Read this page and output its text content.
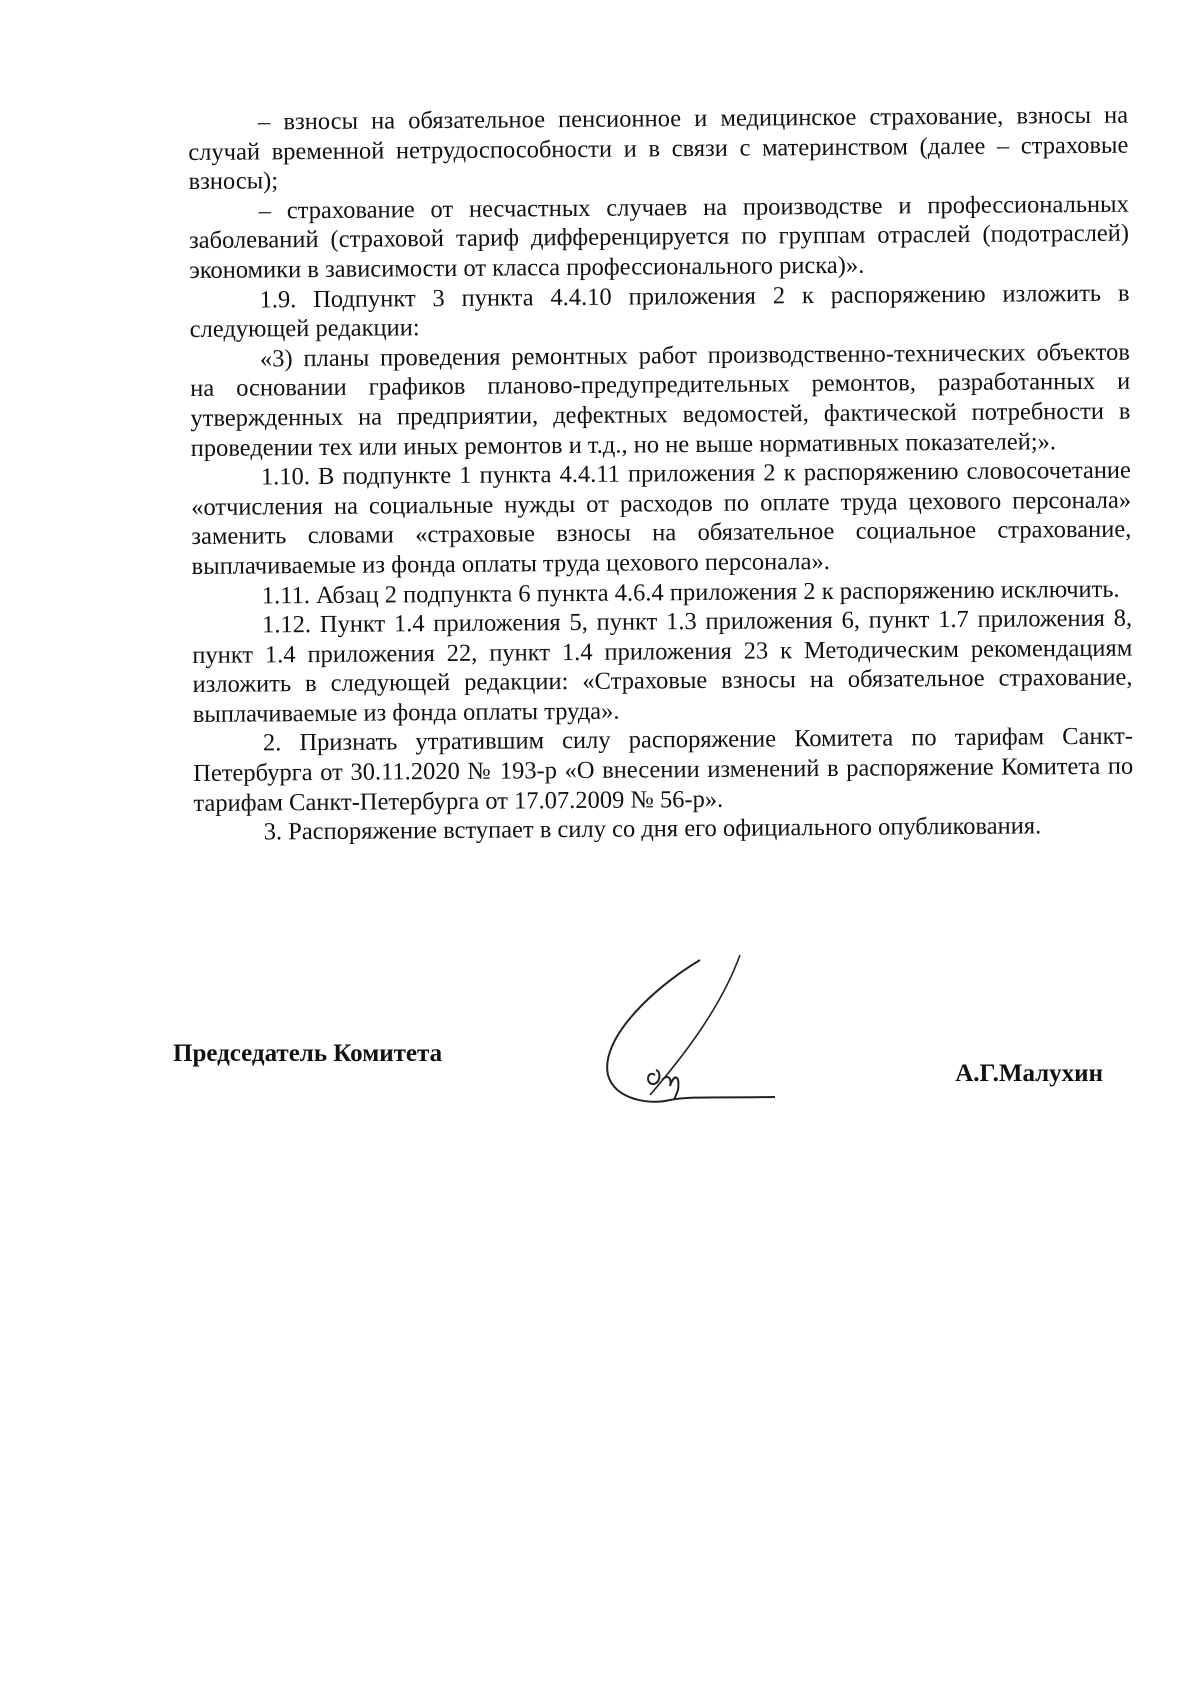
– взносы на обязательное пенсионное и медицинское страхование, взносы на случай временной нетрудоспособности и в связи с материнством (далее – страховые взносы);

– страхование от несчастных случаев на производстве и профессиональных заболеваний (страховой тариф дифференцируется по группам отраслей (подотраслей) экономики в зависимости от класса профессионального риска)».

1.9. Подпункт 3 пункта 4.4.10 приложения 2 к распоряжению изложить в следующей редакции:

«3) планы проведения ремонтных работ производственно-технических объектов на основании графиков планово-предупредительных ремонтов, разработанных и утвержденных на предприятии, дефектных ведомостей, фактической потребности в проведении тех или иных ремонтов и т.д., но не выше нормативных показателей;».

1.10. В подпункте 1 пункта 4.4.11 приложения 2 к распоряжению словосочетание «отчисления на социальные нужды от расходов по оплате труда цехового персонала» заменить словами «страховые взносы на обязательное социальное страхование, выплачиваемые из фонда оплаты труда цехового персонала».

1.11. Абзац 2 подпункта 6 пункта 4.6.4 приложения 2 к распоряжению исключить.

1.12. Пункт 1.4 приложения 5, пункт 1.3 приложения 6, пункт 1.7 приложения 8, пункт 1.4 приложения 22, пункт 1.4 приложения 23 к Методическим рекомендациям изложить в следующей редакции: «Страховые взносы на обязательное страхование, выплачиваемые из фонда оплаты труда».

2. Признать утратившим силу распоряжение Комитета по тарифам Санкт-Петербурга от 30.11.2020 № 193-р «О внесении изменений в распоряжение Комитета по тарифам Санкт-Петербурга от 17.07.2009 № 56-р».

3. Распоряжение вступает в силу со дня его официального опубликования.

Председатель Комитета
А.Г.Малухин
